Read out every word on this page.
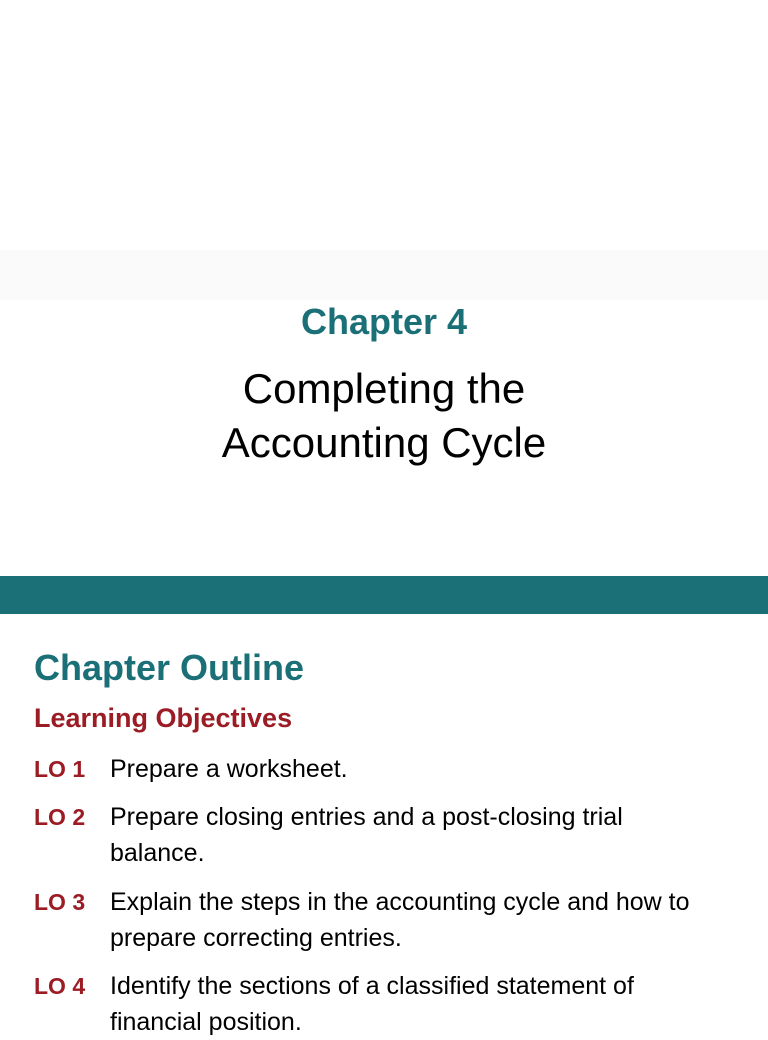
Chapter 4
Completing the
Accounting Cycle
Chapter Outline
Learning Objectives
LO 1 Prepare a worksheet.
LO 2 Prepare closing entries and a post-closing trial balance.
LO 3 Explain the steps in the accounting cycle and how to prepare correcting entries.
LO 4 Identify the sections of a classified statement of financial position.
